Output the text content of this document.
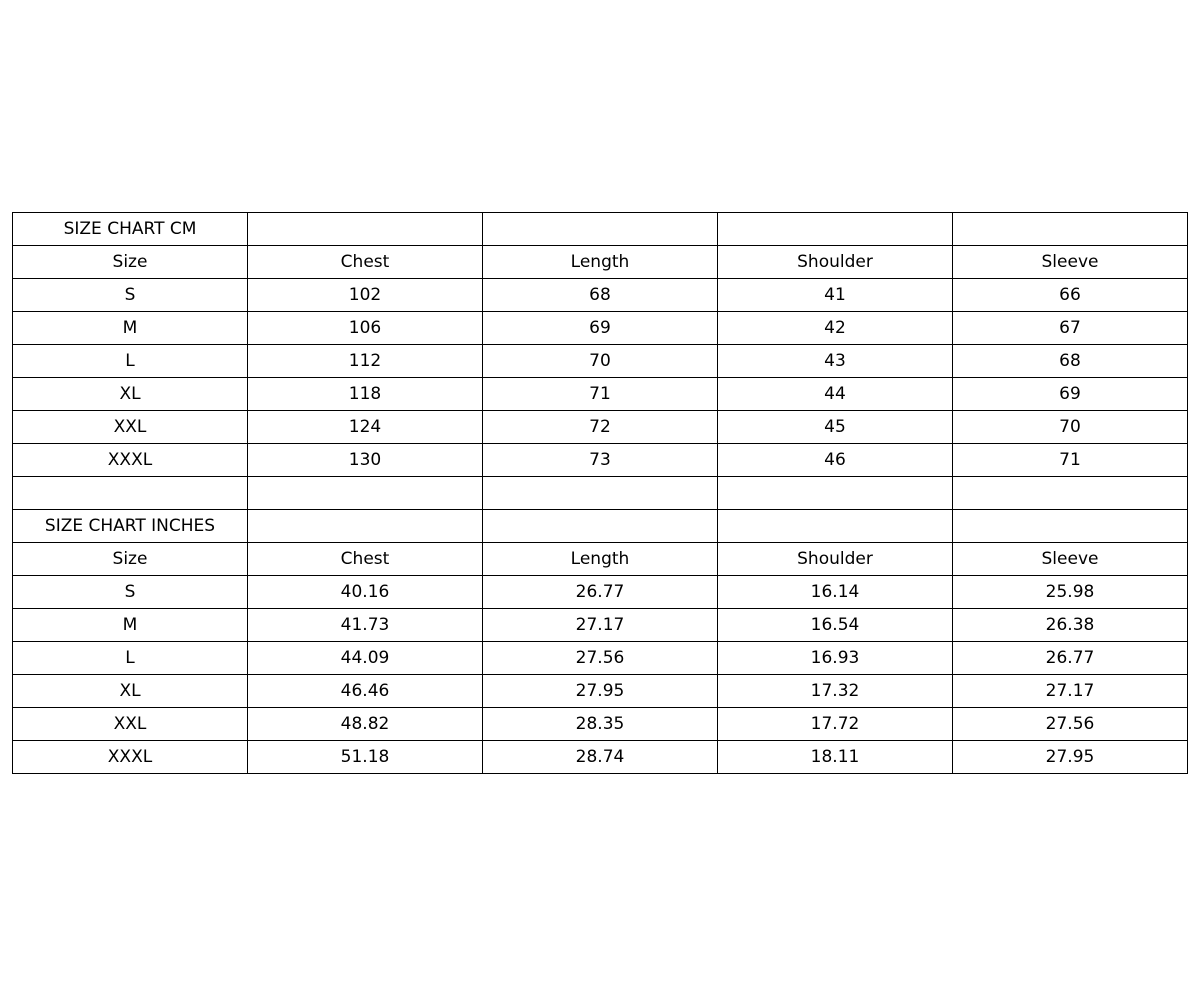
SIZE CHART CM				
Size	Chest	Length	Shoulder	Sleeve
S	102	68	41	66
M	106	69	42	67
L	112	70	43	68
XL	118	71	44	69
XXL	124	72	45	70
XXXL	130	73	46	71

SIZE CHART INCHES				
Size	Chest	Length	Shoulder	Sleeve
S	40.16	26.77	16.14	25.98
M	41.73	27.17	16.54	26.38
L	44.09	27.56	16.93	26.77
XL	46.46	27.95	17.32	27.17
XXL	48.82	28.35	17.72	27.56
XXXL	51.18	28.74	18.11	27.95
